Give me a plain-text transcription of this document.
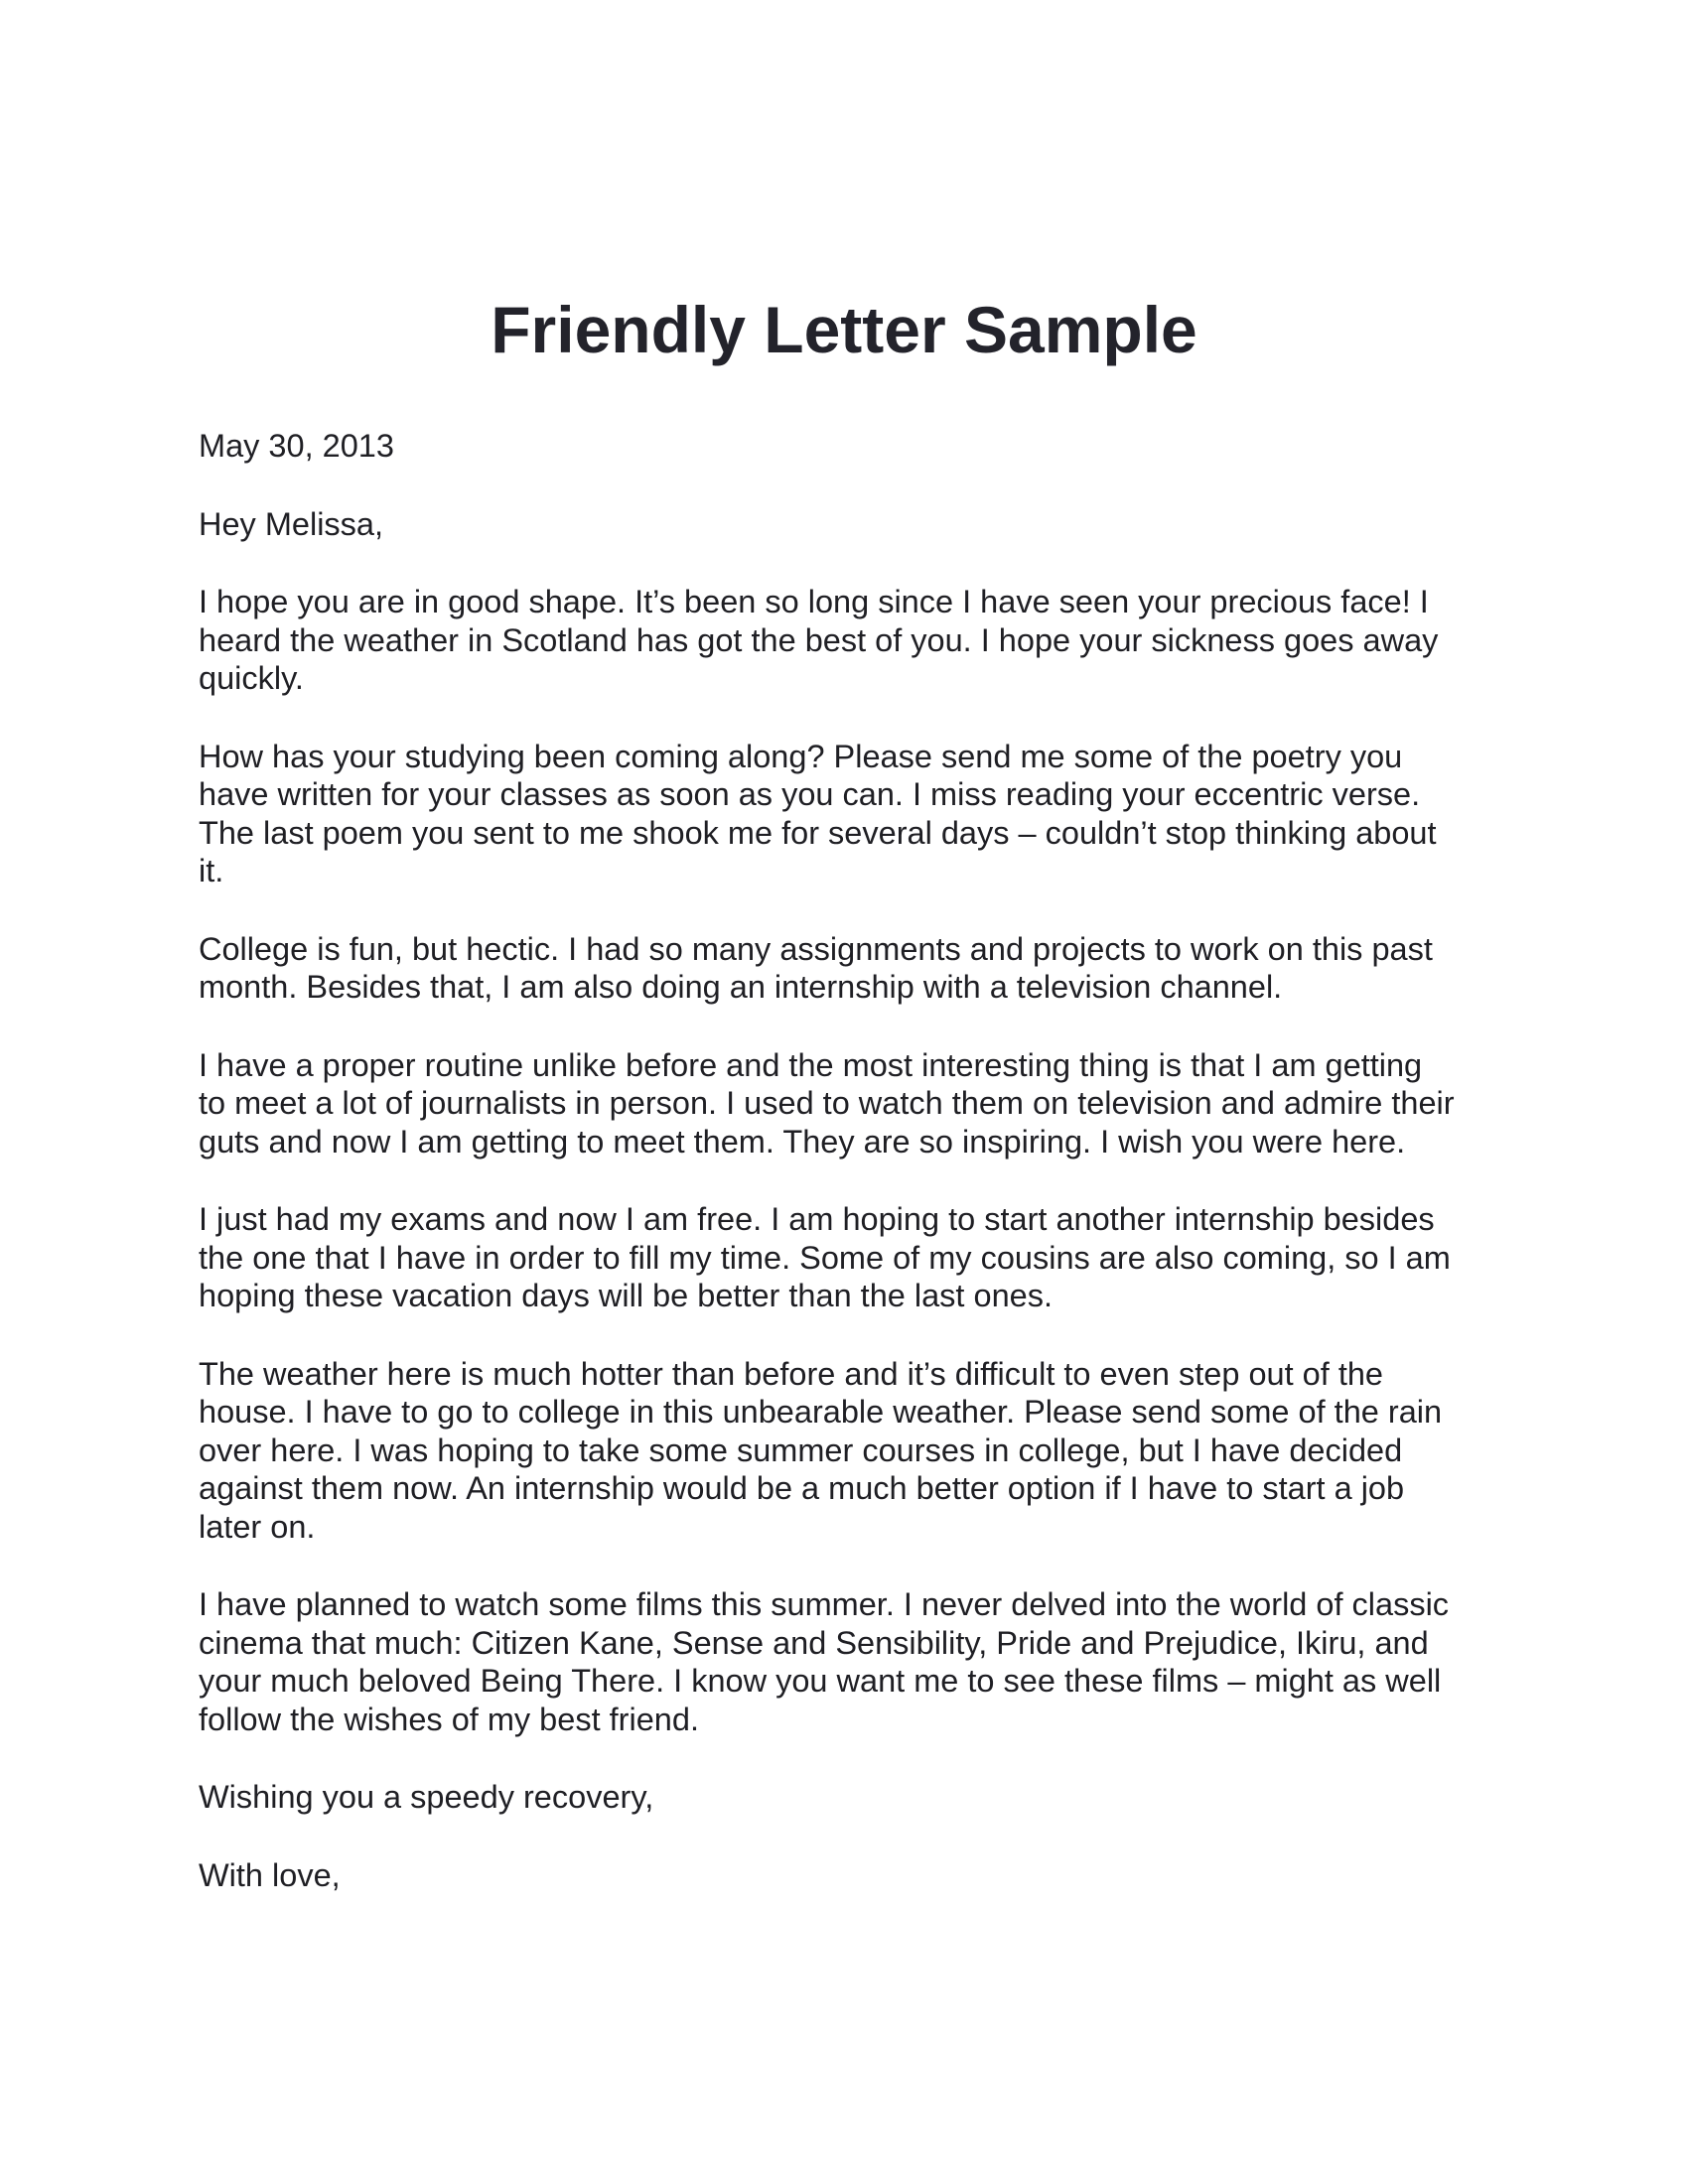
Friendly Letter Sample

May 30, 2013

Hey Melissa,

I hope you are in good shape. It’s been so long since I have seen your precious face! I
heard the weather in Scotland has got the best of you. I hope your sickness goes away
quickly.

How has your studying been coming along? Please send me some of the poetry you
have written for your classes as soon as you can. I miss reading your eccentric verse.
The last poem you sent to me shook me for several days – couldn’t stop thinking about
it.

College is fun, but hectic. I had so many assignments and projects to work on this past
month. Besides that, I am also doing an internship with a television channel.

I have a proper routine unlike before and the most interesting thing is that I am getting
to meet a lot of journalists in person. I used to watch them on television and admire their
guts and now I am getting to meet them. They are so inspiring. I wish you were here.

I just had my exams and now I am free. I am hoping to start another internship besides
the one that I have in order to fill my time. Some of my cousins are also coming, so I am
hoping these vacation days will be better than the last ones.

The weather here is much hotter than before and it’s difficult to even step out of the
house. I have to go to college in this unbearable weather. Please send some of the rain
over here. I was hoping to take some summer courses in college, but I have decided
against them now. An internship would be a much better option if I have to start a job
later on.

I have planned to watch some films this summer. I never delved into the world of classic
cinema that much: Citizen Kane, Sense and Sensibility, Pride and Prejudice, Ikiru, and
your much beloved Being There. I know you want me to see these films – might as well
follow the wishes of my best friend.

Wishing you a speedy recovery,

With love,
